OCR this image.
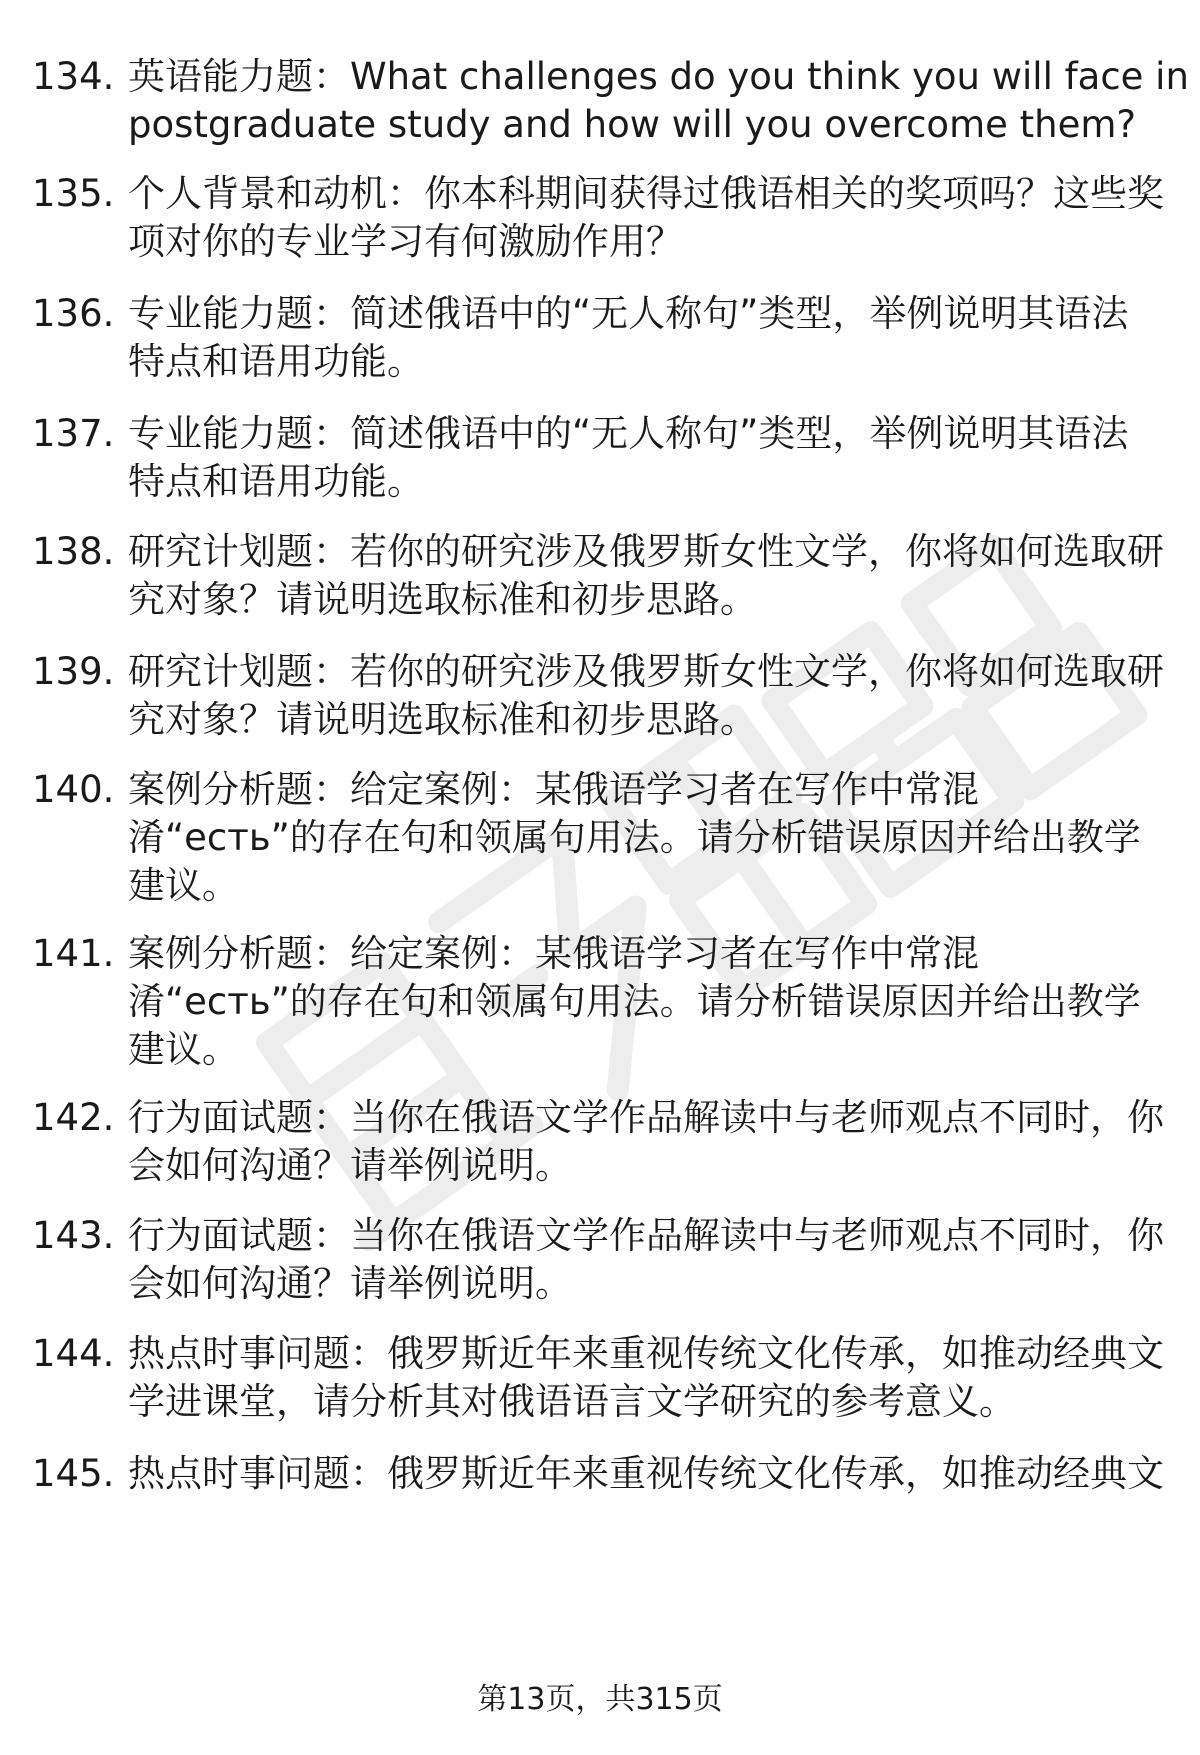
134. 英语能力题：What challenges do you think you will face in
postgraduate study and how will you overcome them?
135. 个人背景和动机：你本科期间获得过俄语相关的奖项吗？这些奖
项对你的专业学习有何激励作用？
136. 专业能力题：简述俄语中的“无人称句”类型，举例说明其语法
特点和语用功能。
137. 专业能力题：简述俄语中的“无人称句”类型，举例说明其语法
特点和语用功能。
138. 研究计划题：若你的研究涉及俄罗斯女性文学，你将如何选取研
究对象？请说明选取标准和初步思路。
139. 研究计划题：若你的研究涉及俄罗斯女性文学，你将如何选取研
究对象？请说明选取标准和初步思路。
140. 案例分析题：给定案例：某俄语学习者在写作中常混
淆“есть”的存在句和领属句用法。请分析错误原因并给出教学
建议。
141. 案例分析题：给定案例：某俄语学习者在写作中常混
淆“есть”的存在句和领属句用法。请分析错误原因并给出教学
建议。
142. 行为面试题：当你在俄语文学作品解读中与老师观点不同时，你
会如何沟通？请举例说明。
143. 行为面试题：当你在俄语文学作品解读中与老师观点不同时，你
会如何沟通？请举例说明。
144. 热点时事问题：俄罗斯近年来重视传统文化传承，如推动经典文
学进课堂，请分析其对俄语语言文学研究的参考意义。
145. 热点时事问题：俄罗斯近年来重视传统文化传承，如推动经典文
第13页，共315页
